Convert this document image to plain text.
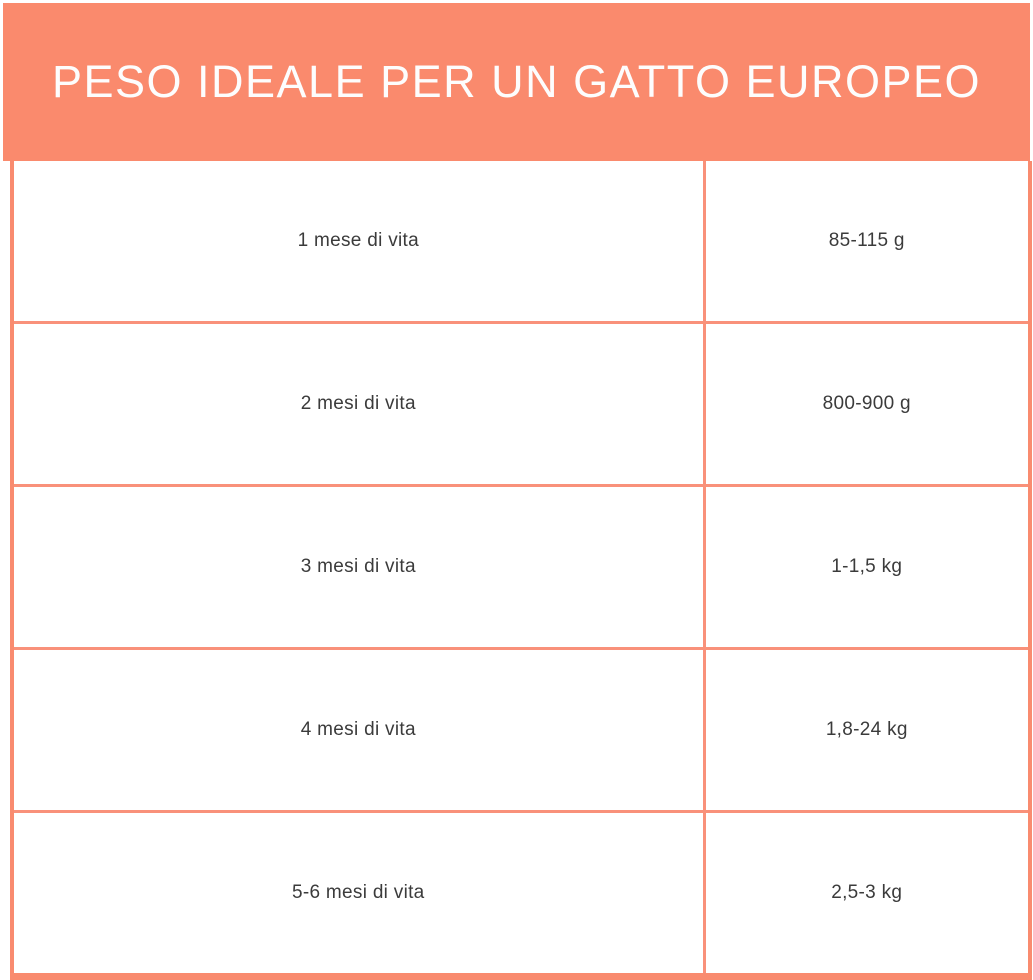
PESO IDEALE PER UN GATTO EUROPEO
1 mese di vita	85-115 g
2 mesi di vita	800-900 g
3 mesi di vita	1-1,5 kg
4 mesi di vita	1,8-24 kg
5-6 mesi di vita	2,5-3 kg
